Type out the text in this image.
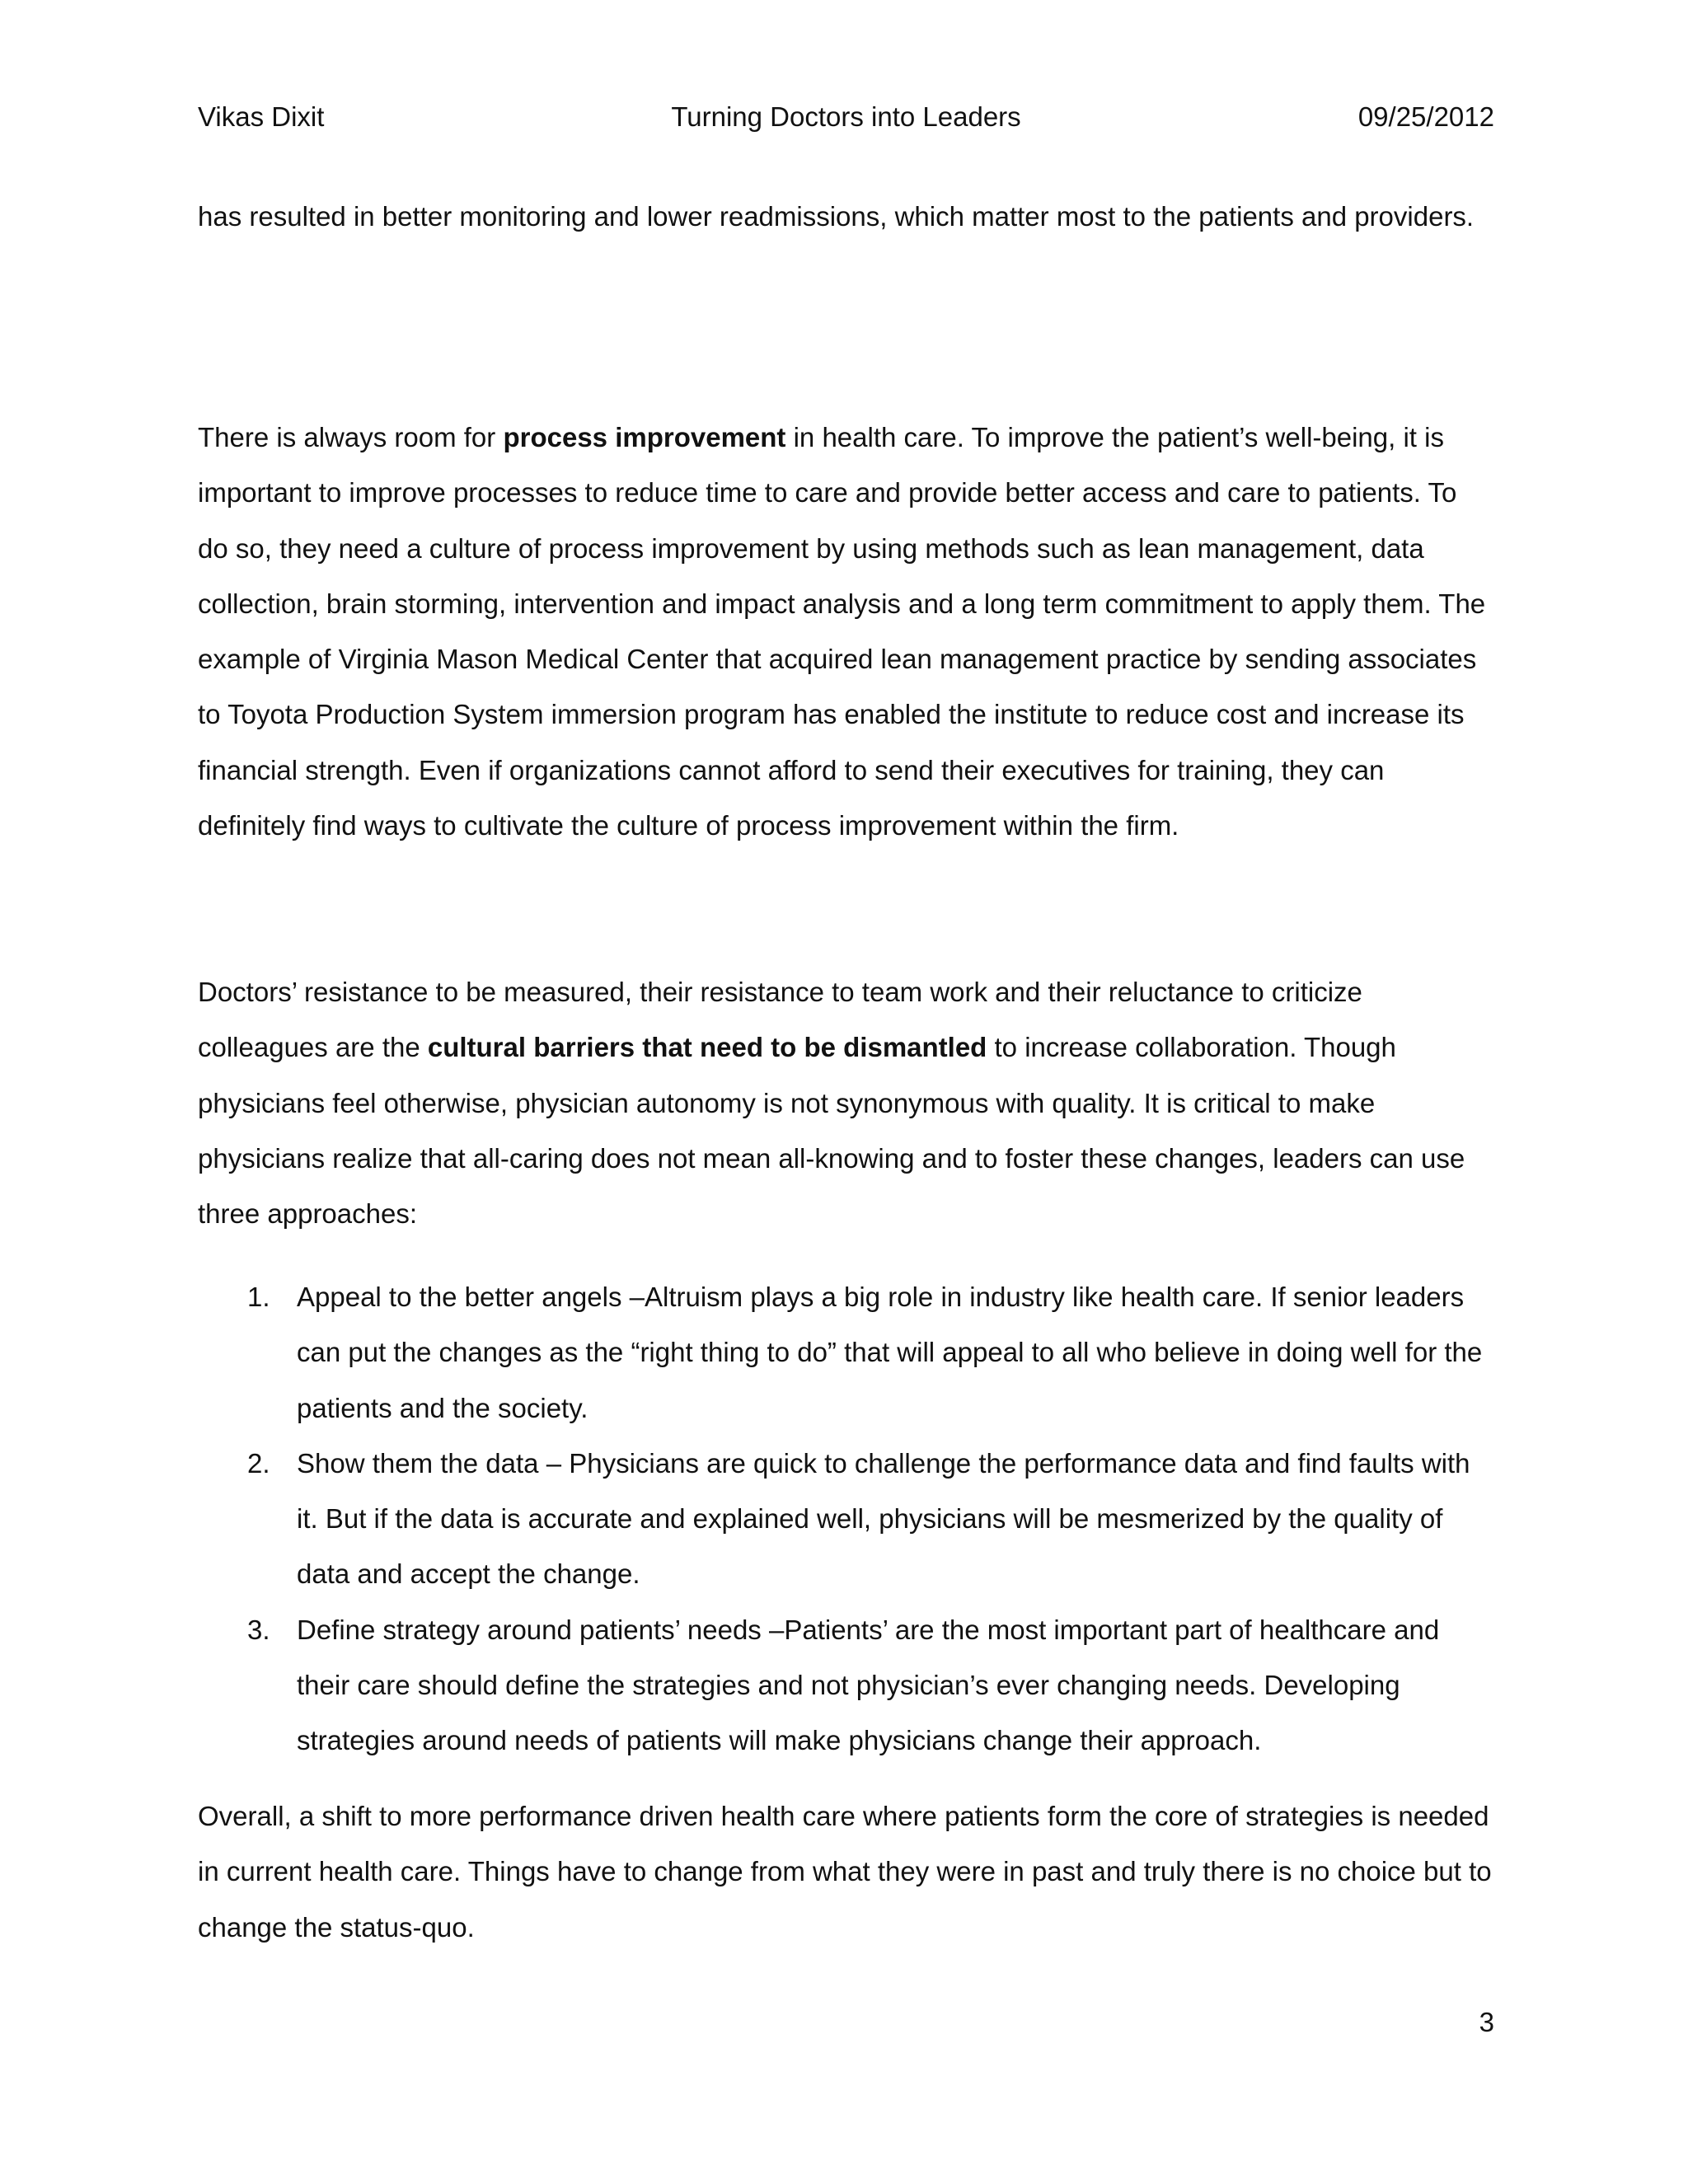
Vikas Dixit	Turning Doctors into Leaders	09/25/2012

has resulted in better monitoring and lower readmissions, which matter most to the patients and providers.

There is always room for process improvement in health care. To improve the patient’s well-being, it is important to improve processes to reduce time to care and provide better access and care to patients. To do so, they need a culture of process improvement by using methods such as lean management, data collection, brain storming, intervention and impact analysis and a long term commitment to apply them. The example of Virginia Mason Medical Center that acquired lean management practice by sending associates to Toyota Production System immersion program has enabled the institute to reduce cost and increase its financial strength. Even if organizations cannot afford to send their executives for training, they can definitely find ways to cultivate the culture of process improvement within the firm.

Doctors’ resistance to be measured, their resistance to team work and their reluctance to criticize colleagues are the cultural barriers that need to be dismantled to increase collaboration. Though physicians feel otherwise, physician autonomy is not synonymous with quality. It is critical to make physicians realize that all-caring does not mean all-knowing and to foster these changes, leaders can use three approaches:

1. Appeal to the better angels –Altruism plays a big role in industry like health care. If senior leaders can put the changes as the “right thing to do” that will appeal to all who believe in doing well for the patients and the society.
2. Show them the data – Physicians are quick to challenge the performance data and find faults with it. But if the data is accurate and explained well, physicians will be mesmerized by the quality of data and accept the change.
3. Define strategy around patients’ needs –Patients’ are the most important part of healthcare and their care should define the strategies and not physician’s ever changing needs. Developing strategies around needs of patients will make physicians change their approach.

Overall, a shift to more performance driven health care where patients form the core of strategies is needed in current health care. Things have to change from what they were in past and truly there is no choice but to change the status-quo.

3
